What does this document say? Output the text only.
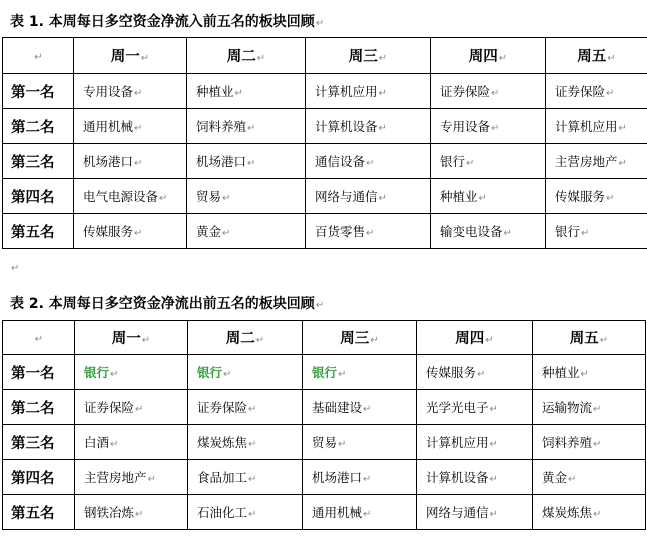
表 1. 本周每日多空资金净流入前五名的板块回顾↵
↵	周一↵	周二↵	周三↵	周四↵	周五↵
第一名	专用设备↵	种植业↵	计算机应用↵	证券保险↵	证券保险↵
第二名	通用机械↵	饲料养殖↵	计算机设备↵	专用设备↵	计算机应用↵
第三名	机场港口↵	机场港口↵	通信设备↵	银行↵	主营房地产↵
第四名	电气电源设备↵	贸易↵	网络与通信↵	种植业↵	传媒服务↵
第五名	传媒服务↵	黄金↵	百货零售↵	输变电设备↵	银行↵
↵
表 2. 本周每日多空资金净流出前五名的板块回顾↵
↵	周一↵	周二↵	周三↵	周四↵	周五↵
第一名	银行↵	银行↵	银行↵	传媒服务↵	种植业↵
第二名	证券保险↵	证券保险↵	基础建设↵	光学光电子↵	运输物流↵
第三名	白酒↵	煤炭炼焦↵	贸易↵	计算机应用↵	饲料养殖↵
第四名	主营房地产↵	食品加工↵	机场港口↵	计算机设备↵	黄金↵
第五名	钢铁冶炼↵	石油化工↵	通用机械↵	网络与通信↵	煤炭炼焦↵
